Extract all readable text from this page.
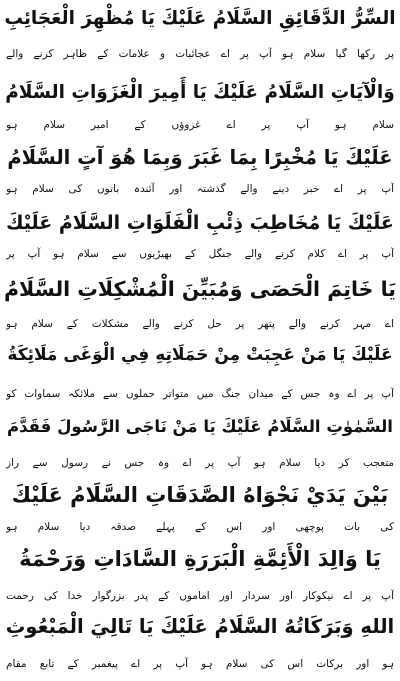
السِّرُّ الدَّقَائِقِ السَّلَامُ عَلَيْكَ يَا مُظْهِرَ الْعَجَائِبِ
پر رکھا گیا سلام ہو آپ پر اے عجائبات و علامات کے ظاہر کرنے والے
وَالْآيَاتِ السَّلَامُ عَلَيْكَ يَا أَمِيرَ الْغَزَوَاتِ السَّلَامُ
سلام ہو آپ پر اے غزوؤں کے امیر سلام ہو
عَلَيْكَ يَا مُخْبِرًا بِمَا غَبَرَ وَبِمَا هُوَ آتٍ السَّلَامُ
آپ پر اے خبر دینے والے گذشتہ اور آئندہ باتوں کی سلام ہو
عَلَيْكَ يَا مُخَاطِبَ ذِئْبِ الْفَلَوَاتِ السَّلَامُ عَلَيْكَ
آپ پر اے کلام کرنے والے جنگل کے بھیڑیوں سے سلام ہو آپ پر
يَا خَاتِمَ الْحَصَى وَمُبَيِّنَ الْمُشْكِلَاتِ السَّلَامُ
اے مہر کرنے والے پتھر پر حل کرنے والے مشکلات کے سلام ہو
عَلَيْكَ يَا مَنْ عَجِبَتْ مِنْ حَمَلَاتِهِ فِي الْوَغَى مَلَائِكَةُ
آپ پر اے وہ جس کے میدان جنگ میں متواتر حملوں سے ملائکہ سماوات کو
السَّمٰوٰتِ السَّلَامُ عَلَيْكَ يَا مَنْ نَاجَى الرَّسُولَ فَقَدَّمَ
متعجب کر دیا سلام ہو آپ پر اے وہ جس نے رسول سے راز
بَيْنَ يَدَيْ نَجْوَاهُ الصَّدَقَاتِ السَّلَامُ عَلَيْكَ
کی بات پوچھی اور اس کے پہلے صدقہ دیا سلام ہو
يَا وَالِدَ الْأَئِمَّةِ الْبَرَرَةِ السَّادَاتِ وَرَحْمَةُ
آپ پر اے نیکوکار اور سردار اور اماموں کے پدر بزرگوار خدا کی رحمت
اللهِ وَبَرَكَاتُهُ السَّلَامُ عَلَيْكَ يَا تَالِيَ الْمَبْعُوثِ
ہو اور برکات اس کی سلام ہو آپ پر اے پیغمبر کے تابع مقام
